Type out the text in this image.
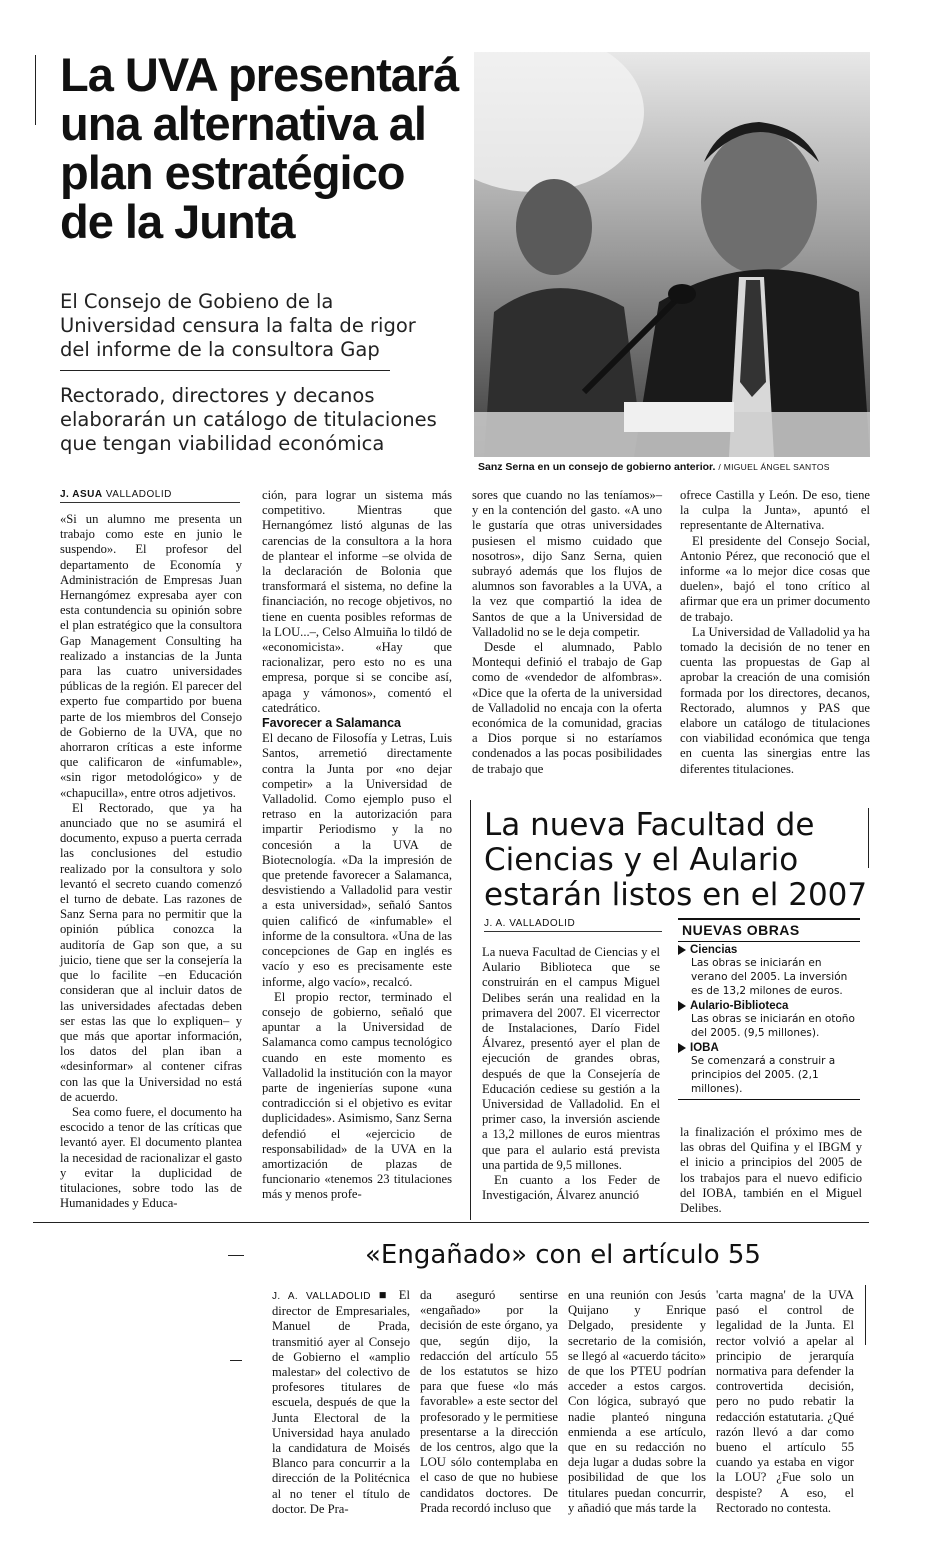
La UVA presentará

una alternativa al

plan estratégico

de la Junta

El Consejo de Gobieno de la

Universidad censura la falta de rigor

del informe de la consultora Gap

Rectorado, directores y decanos

elaborarán un catálogo de titulaciones

que tengan viabilidad económica

Sanz Serna en un consejo de gobierno anterior. / MIGUEL ÁNGEL SANTOS
J. ASUA VALLADOLID

«Si un alumno me presenta un trabajo como este en junio le suspendo». El profesor del departamento de Economía y Administración de Empresas Juan Hernangómez expresaba ayer con esta contundencia su opinión sobre el plan estratégico que la consultora Gap Management Consulting ha realizado a instancias de la Junta para las cuatro universidades públicas de la región. El parecer del experto fue compartido por buena parte de los miembros del Consejo de Gobierno de la UVA, que no ahorraron críticas a este informe que calificaron de «infumable», «sin rigor metodológico» y de «chapucilla», entre otros adjetivos.

El Rectorado, que ya ha anunciado que no se asumirá el documento, expuso a puerta cerrada las conclusiones del estudio realizado por la consultora y solo levantó el secreto cuando comenzó el turno de debate. Las razones de Sanz Serna para no permitir que la opinión pública conozca la auditoría de Gap son que, a su juicio, tiene que ser la consejería la que lo facilite –en Educación consideran que al incluir datos de las universidades afectadas deben ser estas las que lo expliquen– y que más que aportar información, los datos del plan iban a «desinformar» al contener cifras con las que la Universidad no está de acuerdo.

Sea como fuere, el documento ha escocido a tenor de las críticas que levantó ayer. El documento plantea la necesidad de racionalizar el gasto y evitar la duplicidad de titulaciones, sobre todo las de Humanidades y Educa-

ción, para lograr un sistema más competitivo. Mientras que Hernangómez listó algunas de las carencias de la consultora a la hora de plantear el informe –se olvida de la declaración de Bolonia que transformará el sistema, no define la financiación, no recoge objetivos, no tiene en cuenta posibles reformas de la LOU...–, Celso Almuiña lo tildó de «economicista». «Hay que racionalizar, pero esto no es una empresa, porque si se concibe así, apaga y vámonos», comentó el catedrático.

Favorecer a Salamanca

El decano de Filosofía y Letras, Luis Santos, arremetió directamente contra la Junta por «no dejar competir» a la Universidad de Valladolid. Como ejemplo puso el retraso en la autorización para impartir Periodismo y la no concesión a la UVA de Biotecnología. «Da la impresión de que pretende favorecer a Salamanca, desvistiendo a Valladolid para vestir a esta universidad», señaló Santos quien calificó de «infumable» el informe de la consultora. «Una de las concepciones de Gap en inglés es vacío y eso es precisamente este informe, algo vacío», recalcó.

El propio rector, terminado el consejo de gobierno, señaló que apuntar a la Universidad de Salamanca como campus tecnológico cuando en este momento es Valladolid la institución con la mayor parte de ingenierías supone «una contradicción si el objetivo es evitar duplicidades». Asimismo, Sanz Serna defendió el «ejercicio de responsabilidad» de la UVA en la amortización de plazas de funcionario «tenemos 23 titulaciones más y menos profe-

sores que cuando no las teníamos»– y en la contención del gasto. «A uno le gustaría que otras universidades pusiesen el mismo cuidado que nosotros», dijo Sanz Serna, quien subrayó además que los flujos de alumnos son favorables a la UVA, a la vez que compartió la idea de Santos de que a la Universidad de Valladolid no se le deja competir.

Desde el alumnado, Pablo Montequi definió el trabajo de Gap como de «vendedor de alfombras». «Dice que la oferta de la universidad de Valladolid no encaja con la oferta económica de la comunidad, gracias a Dios porque si no estaríamos condenados a las pocas posibilidades de trabajo que

ofrece Castilla y León. De eso, tiene la culpa la Junta», apuntó el representante de Alternativa.

El presidente del Consejo Social, Antonio Pérez, que reconoció que el informe «a lo mejor dice cosas que duelen», bajó el tono crítico al afirmar que era un primer documento de trabajo.

La Universidad de Valladolid ya ha tomado la decisión de no tener en cuenta las propuestas de Gap al aprobar la creación de una comisión formada por los directores, decanos, Rectorado, alumnos y PAS que elabore un catálogo de titulaciones con viabilidad económica que tenga en cuenta las sinergias entre las diferentes titulaciones.

La nueva Facultad de

Ciencias y el Aulario

estarán listos en el 2007

J. A. VALLADOLID

La nueva Facultad de Ciencias y el Aulario Biblioteca que se construirán en el campus Miguel Delibes serán una realidad en la primavera del 2007. El vicerrector de Instalaciones, Darío Fidel Álvarez, presentó ayer el plan de ejecución de grandes obras, después de que la Consejería de Educación cediese su gestión a la Universidad de Valladolid. En el primer caso, la inversión asciende a 13,2 millones de euros mientras que para el aulario está prevista una partida de 9,5 millones.

En cuanto a los Feder de Investigación, Álvarez anunció

NUEVAS OBRAS
Ciencias
Las obras se iniciarán en verano del 2005. La inversión es de 13,2 milones de euros.
Aulario-Biblioteca
Las obras se iniciarán en otoño del 2005. (9,5 millones).
IOBA
Se comenzará a construir a principios del 2005. (2,1 millones).

la finalización el próximo mes de las obras del Quifina y el IBGM y el inicio a principios del 2005 de los trabajos para el nuevo edificio del IOBA, también en el Miguel Delibes.

«Engañado» con el artículo 55

J. A. VALLADOLID ■ El director de Empresariales, Manuel de Prada, transmitió ayer al Consejo de Gobierno el «amplio malestar» del colectivo de profesores titulares de escuela, después de que la Junta Electoral de la Universidad haya anulado la candidatura de Moisés Blanco para concurrir a la dirección de la Politécnica al no tener el título de doctor. De Pra-

da aseguró sentirse «engañado» por la decisión de este órgano, ya que, según dijo, la redacción del artículo 55 de los estatutos se hizo para que fuese «lo más favorable» a este sector del profesorado y le permitiese presentarse a la dirección de los centros, algo que la LOU sólo contemplaba en el caso de que no hubiese candidatos doctores. De Prada recordó incluso que

en una reunión con Jesús Quijano y Enrique Delgado, presidente y secretario de la comisión, se llegó al «acuerdo tácito» de que los PTEU podrían acceder a estos cargos. Con lógica, subrayó que nadie planteó ninguna enmienda a ese artículo, que en su redacción no deja lugar a dudas sobre la posibilidad de que los titulares puedan concurrir, y añadió que más tarde la

'carta magna' de la UVA pasó el control de legalidad de la Junta. El rector volvió a apelar al principio de jerarquía normativa para defender la controvertida decisión, pero no pudo rebatir la redacción estatutaria. ¿Qué razón llevó a dar como bueno el artículo 55 cuando ya estaba en vigor la LOU? ¿Fue solo un despiste? A eso, el Rectorado no contesta.
